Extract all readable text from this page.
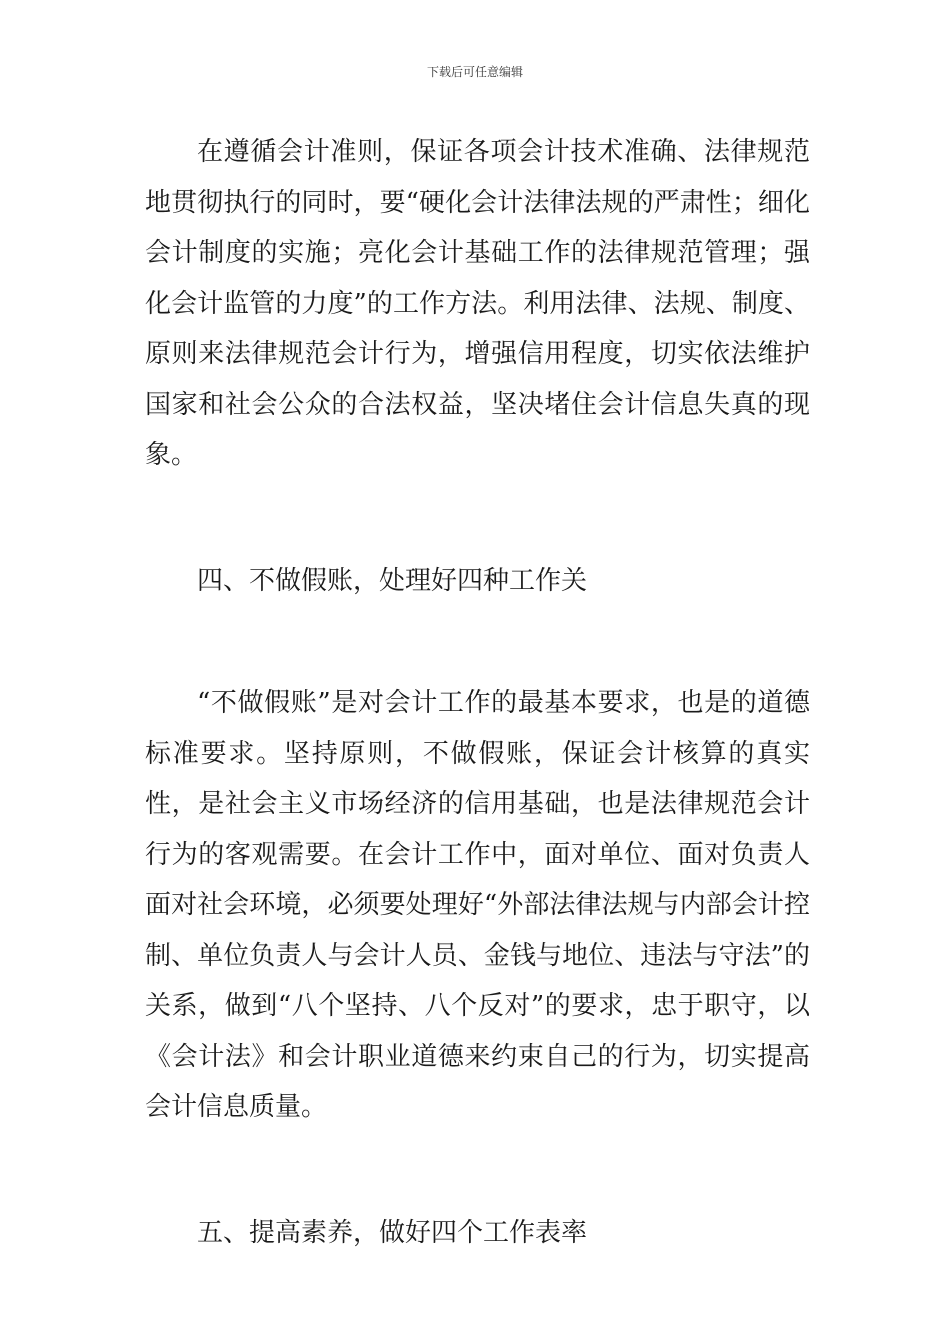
下载后可任意编辑

在遵循会计准则，保证各项会计技术准确、法律规范地贯彻执行的同时，要“硬化会计法律法规的严肃性；细化会计制度的实施；亮化会计基础工作的法律规范管理；强化会计监管的力度”的工作方法。利用法律、法规、制度、原则来法律规范会计行为，增强信用程度，切实依法维护国家和社会公众的合法权益，坚决堵住会计信息失真的现象。

四、不做假账，处理好四种工作关

“不做假账”是对会计工作的最基本要求，也是的道德标准要求。坚持原则，不做假账，保证会计核算的真实性，是社会主义市场经济的信用基础，也是法律规范会计行为的客观需要。在会计工作中，面对单位、面对负责人面对社会环境，必须要处理好“外部法律法规与内部会计控制、单位负责人与会计人员、金钱与地位、违法与守法”的关系，做到“八个坚持、八个反对”的要求，忠于职守，以《会计法》和会计职业道德来约束自己的行为，切实提高会计信息质量。

五、提高素养，做好四个工作表率
